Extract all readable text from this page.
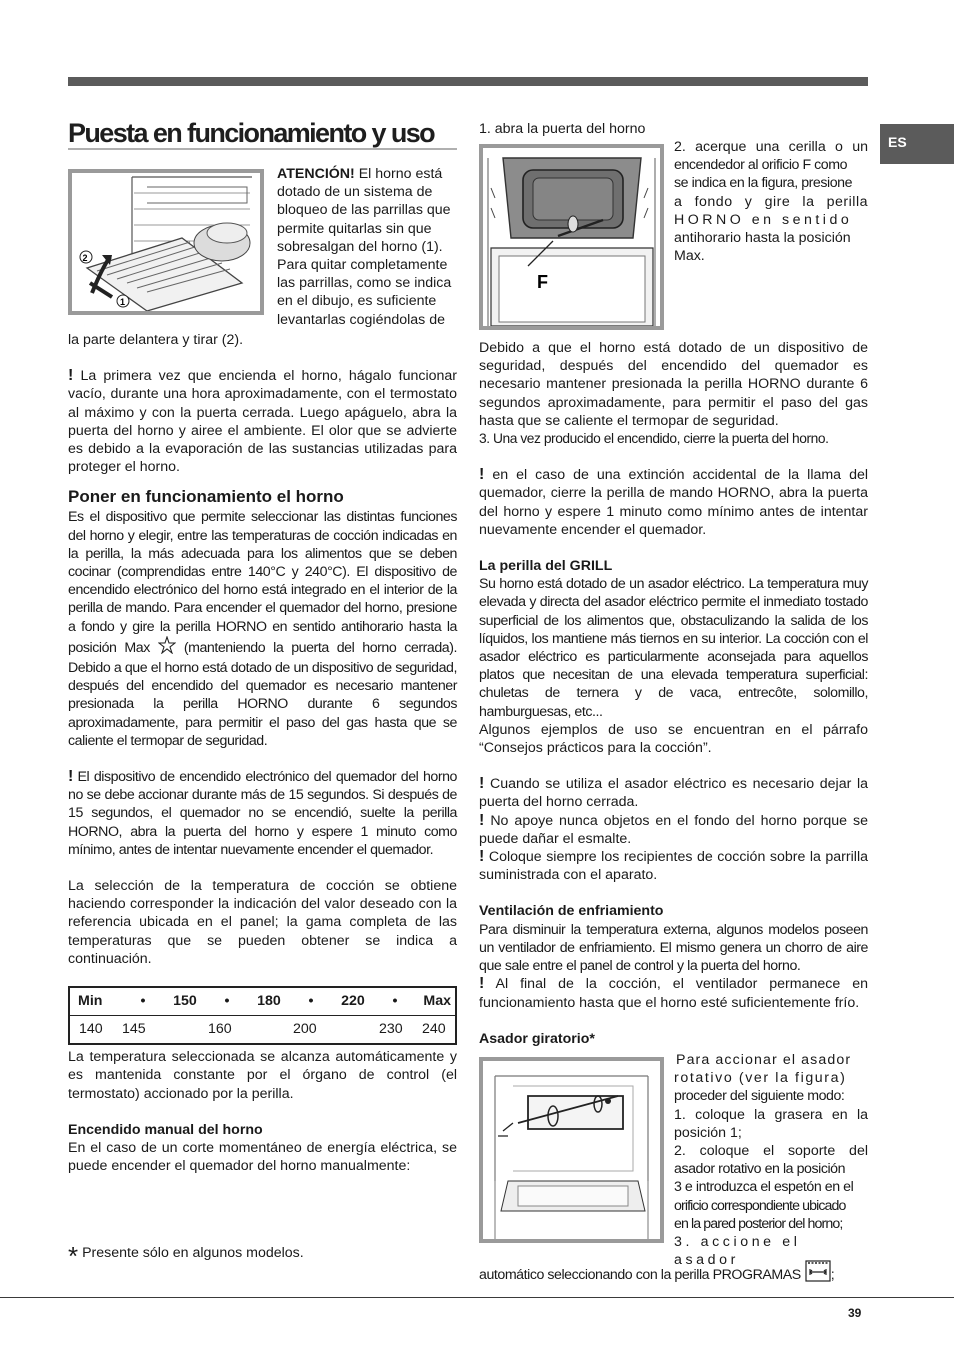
ES
Puesta en funcionamiento y uso
2
1

ATENCIÓN! El horno está

dotado de un sistema de

bloqueo de las parrillas que

permite quitarlas sin que

sobresalgan del horno (1).

Para quitar completamente

las parrillas, como se indica

en el dibujo, es suficiente

levantarlas cogiéndolas de

la parte delantera y tirar (2).

! La primera vez que encienda el horno, hágalo funcionar vacío, durante una hora aproximadamente, con el termostato al máximo y con la puerta cerrada. Luego apáguelo, abra la puerta del horno y airee el ambiente. El olor que se advierte es debido a la evaporación de las sustancias utilizadas para proteger el horno.

Poner en funcionamiento el horno

Es el dispositivo que permite seleccionar las distintas funciones del horno y elegir, entre las temperaturas de cocción indicadas en la perilla, la más adecuada para los alimentos que se deben cocinar (comprendidas entre 140°C y 240°C). El dispositivo de encendido electrónico del horno está integrado en el interior de la perilla de mando. Para encender el quemador del horno, presione a fondo y gire la perilla HORNO en sentido antihorario hasta la posición Max (manteniendo la puerta del horno cerrada). Debido a que el horno está dotado de un dispositivo de seguridad, después del encendido del quemador es necesario mantener presionada la perilla HORNO durante 6 segundos aproximadamente, para permitir el paso del gas hasta que se caliente el termopar de seguridad.

! El dispositivo de encendido electrónico del quemador del horno no se debe accionar durante más de 15 segundos. Si después de 15 segundos, el quemador no se encendió, suelte la perilla HORNO, abra la puerta del horno y espere 1 minuto como mínimo, antes de intentar nuevamente encender el quemador.

La selección de la temperatura de cocción se obtiene haciendo corresponder la indicación del valor deseado con la referencia ubicada en el panel; la gama completa de las temperaturas que se pueden obtener se indica a continuación.

Min	•	150	•	180	•	220	•	Max

140 145	160	200	230 240

La temperatura seleccionada se alcanza automáticamente y es mantenida constante por el órgano de control (el termostato) accionado por la perilla.

Encendido manual del horno

En el caso de un corte momentáneo de energía eléctrica, se puede encender el quemador del horno manualmente:

* Presente sólo en algunos modelos.
1. abra la puerta del horno
F

2. acerque una cerilla o un

encendedor al orificio F como

se indica en la figura, presione

a fondo y gire la perilla

HORNO en sentido

antihorario hasta la posición

Max.

Debido a que el horno está dotado de un dispositivo de seguridad, después del encendido del quemador es necesario mantener presionada la perilla HORNO durante 6 segundos aproximadamente, para permitir el paso del gas hasta que se caliente el termopar de seguridad.

3. Una vez producido el encendido, cierre la puerta del horno.

! en el caso de una extinción accidental de la llama del quemador, cierre la perilla de mando HORNO, abra la puerta del horno y espere 1 minuto como mínimo antes de intentar nuevamente encender el quemador.

La perilla del GRILL

Su horno está dotado de un asador eléctrico. La temperatura muy elevada y directa del asador eléctrico permite el inmediato tostado superficial de los alimentos que, obstaculizando la salida de los líquidos, los mantiene más tiernos en su interior. La cocción con el asador eléctrico es particularmente aconsejada para aquellos platos que necesitan de una elevada temperatura superficial: chuletas de ternera y de vaca, entrecôte, solomillo, hamburguesas, etc...

Algunos ejemplos de uso se encuentran en el párrafo “Consejos prácticos para la cocción”.

! Cuando se utiliza el asador eléctrico es necesario dejar la puerta del horno cerrada.

! No apoye nunca objetos en el fondo del horno porque se puede dañar el esmalte.

! Coloque siempre los recipientes de cocción sobre la parrilla suministrada con el aparato.

Ventilación de enfriamiento

Para disminuir la temperatura externa, algunos modelos poseen un ventilador de enfriamiento. El mismo genera un chorro de aire que sale entre el panel de control y la puerta del horno.

! Al final de la cocción, el ventilador permanece en funcionamiento hasta que el horno esté suficientemente frío.

Asador giratorio*

Para accionar el asador

rotativo (ver la figura)

proceder del siguiente modo:

1. coloque la grasera en la

posición 1;

2. coloque el soporte del

asador rotativo en la posición

3 e introduzca el espetón en el

orificio correspondiente ubicado

en la pared posterior del horno;

3. accione el asador

automático seleccionando con la perilla PROGRAMAS ;
39
